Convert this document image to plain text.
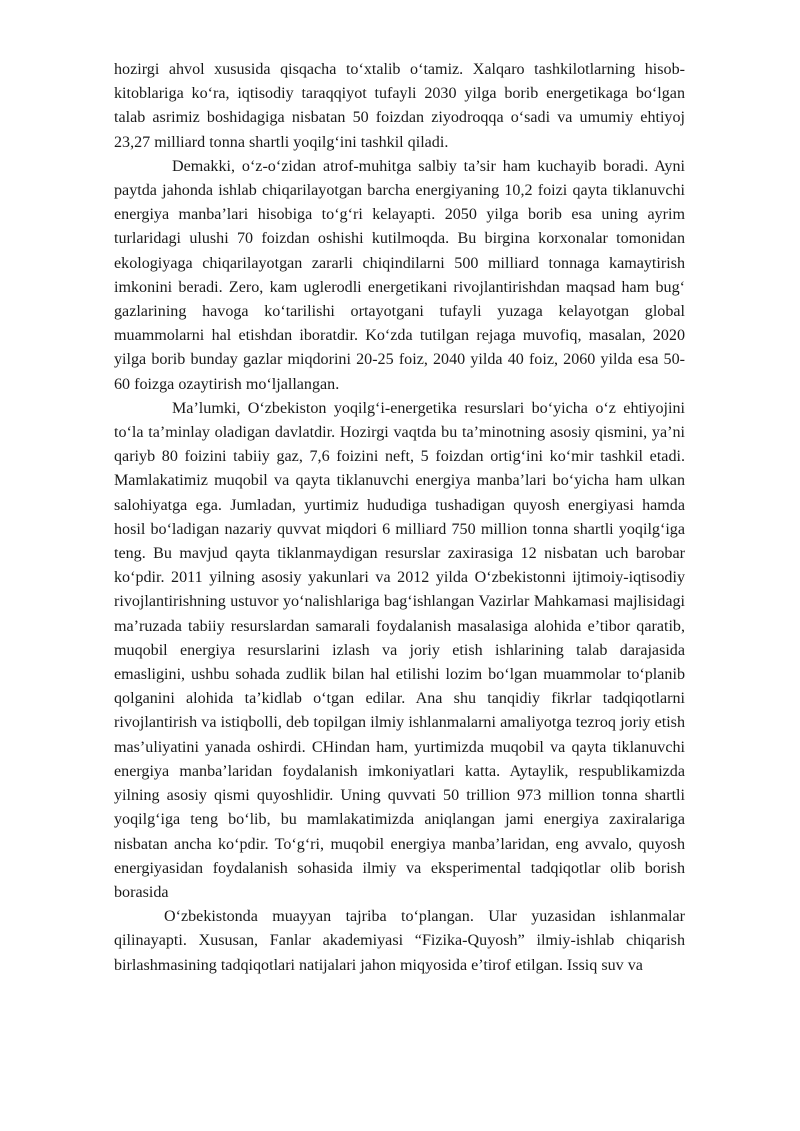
hozirgi ahvol xususida qisqacha to‘xtalib o‘tamiz. Xalqaro tashkilotlarning hisob-kitoblariga ko‘ra, iqtisodiy taraqqiyot tufayli 2030 yilga borib energetikaga bo‘lgan talab asrimiz boshidagiga nisbatan 50 foizdan ziyodroqqa o‘sadi va umumiy ehtiyoj 23,27 milliard tonna shartli yoqilg‘ini tashkil qiladi.

Demakki, o‘z-o‘zidan atrof-muhitga salbiy ta’sir ham kuchayib boradi. Ayni paytda jahonda ishlab chiqarilayotgan barcha energiyaning 10,2 foizi qayta tiklanuvchi energiya manba’lari hisobiga to‘g‘ri kelayapti. 2050 yilga borib esa uning ayrim turlaridagi ulushi 70 foizdan oshishi kutilmoqda. Bu birgina korxonalar tomonidan ekologiyaga chiqarilayotgan zararli chiqindilarni 500 milliard tonnaga kamaytirish imkonini beradi. Zero, kam uglerodli energetikani rivojlantirishdan maqsad ham bug‘ gazlarining havoga ko‘tarilishi ortayotgani tufayli yuzaga kelayotgan global muammolarni hal etishdan iboratdir. Ko‘zda tutilgan rejaga muvofiq, masalan, 2020 yilga borib bunday gazlar miqdorini 20-25 foiz, 2040 yilda 40 foiz, 2060 yilda esa 50-60 foizga ozaytirish mo‘ljallangan.

Ma’lumki, O‘zbekiston yoqilg‘i-energetika resurslari bo‘yicha o‘z ehtiyojini to‘la ta’minlay oladigan davlatdir. Hozirgi vaqtda bu ta’minotning asosiy qismini, ya’ni qariyb 80 foizini tabiiy gaz, 7,6 foizini neft, 5 foizdan ortig‘ini ko‘mir tashkil etadi. Mamlakatimiz muqobil va qayta tiklanuvchi energiya manba’lari bo‘yicha ham ulkan salohiyatga ega. Jumladan, yurtimiz hududiga tushadigan quyosh energiyasi hamda hosil bo‘ladigan nazariy quvvat miqdori 6 milliard 750 million tonna shartli yoqilg‘iga teng. Bu mavjud qayta tiklanmaydigan resurslar zaxirasiga 12 nisbatan uch barobar ko‘pdir. 2011 yilning asosiy yakunlari va 2012 yilda O‘zbekistonni ijtimoiy-iqtisodiy rivojlantirishning ustuvor yo‘nalishlariga bag‘ishlangan Vazirlar Mahkamasi majlisidagi ma’ruzada tabiiy resurslardan samarali foydalanish masalasiga alohida e’tibor qaratib, muqobil energiya resurslarini izlash va joriy etish ishlarining talab darajasida emasligini, ushbu sohada zudlik bilan hal etilishi lozim bo‘lgan muammolar to‘planib qolganini alohida ta’kidlab o‘tgan edilar. Ana shu tanqidiy fikrlar tadqiqotlarni rivojlantirish va istiqbolli, deb topilgan ilmiy ishlanmalarni amaliyotga tezroq joriy etish mas’uliyatini yanada oshirdi. CHindan ham, yurtimizda muqobil va qayta tiklanuvchi energiya manba’laridan foydalanish imkoniyatlari katta. Aytaylik, respublikamizda yilning asosiy qismi quyoshlidir. Uning quvvati 50 trillion 973 million tonna shartli yoqilg‘iga teng bo‘lib, bu mamlakatimizda aniqlangan jami energiya zaxiralariga nisbatan ancha ko‘pdir. To‘g‘ri, muqobil energiya manba’laridan, eng avvalo, quyosh energiyasidan foydalanish sohasida ilmiy va eksperimental tadqiqotlar olib borish borasida

O‘zbekistonda muayyan tajriba to‘plangan. Ular yuzasidan ishlanmalar qilinayapti. Xususan, Fanlar akademiyasi “Fizika-Quyosh” ilmiy-ishlab chiqarish birlashmasining tadqiqotlari natijalari jahon miqyosida e’tirof etilgan. Issiq suv va
